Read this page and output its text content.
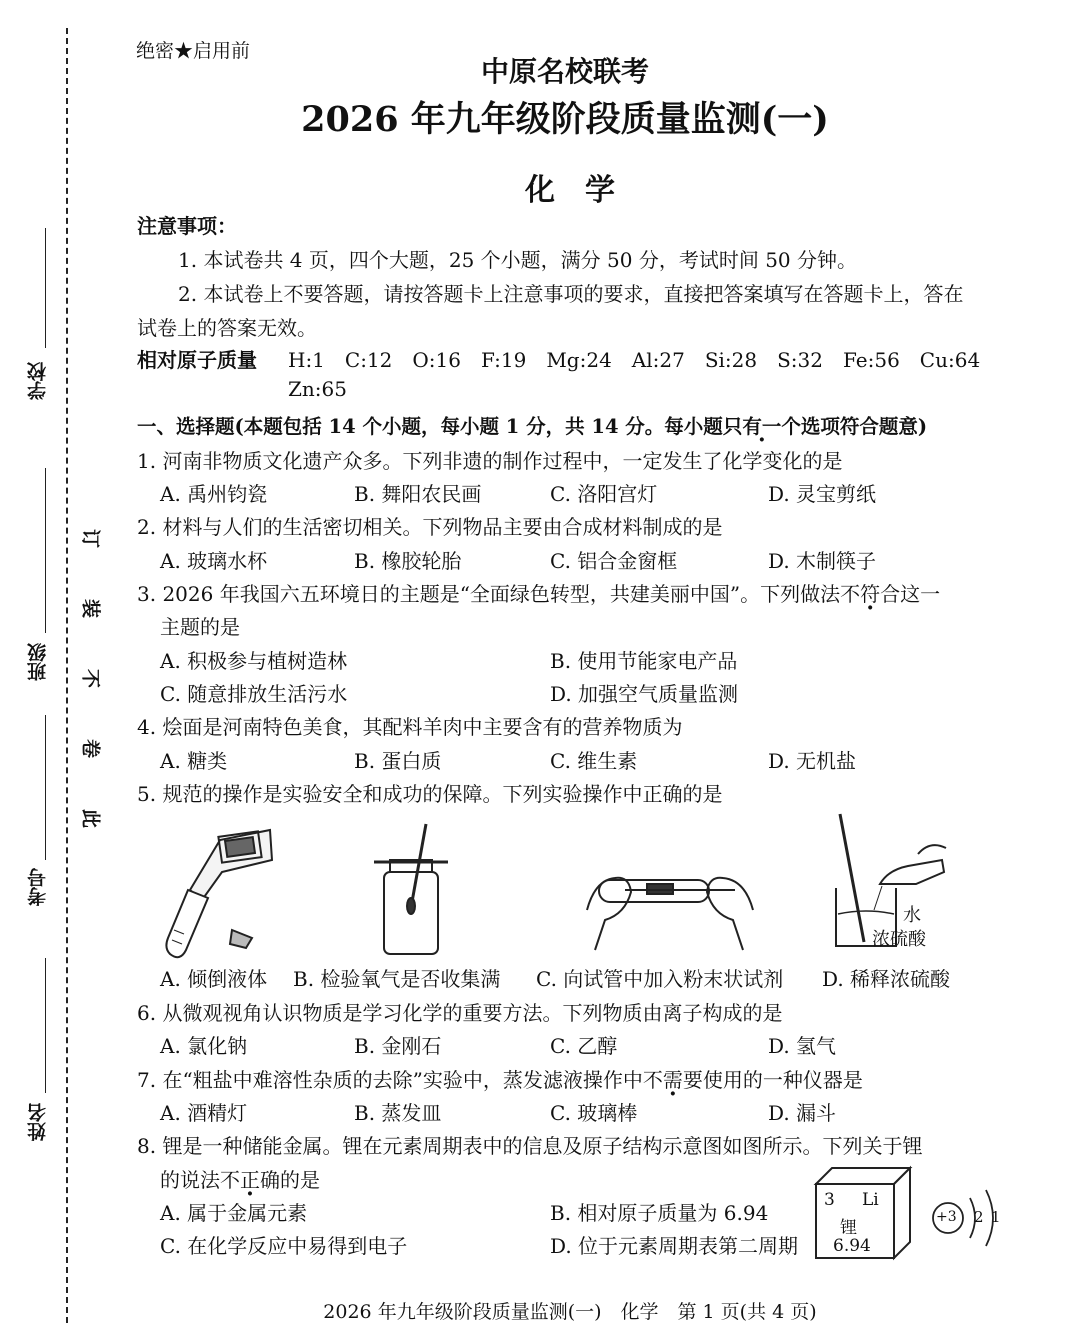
学校
班级
考号
姓名
订
装
不
卷
此
绝密★启用前
中原名校联考
2026 年九年级阶段质量监测(一)
化　学
注意事项：
1. 本试卷共 4 页，四个大题，25 个小题，满分 50 分，考试时间 50 分钟。
2. 本试卷上不要答题，请按答题卡上注意事项的要求，直接把答案填写在答题卡上，答在
试卷上的答案无效。
相对原子质量 H:1　C:12　O:16　F:19　Mg:24　Al:27　Si:28　S:32　Fe:56　Cu:64
Zn:65
一、选择题(本题包括 14 个小题，每小题 1 分，共 14 分。每小题只有一个选项符合题意)
1. 河南非物质文化遗产众多。下列非遗的制作过程中，一定发生了化学变化的是
A. 禹州钧瓷	B. 舞阳农民画	C. 洛阳宫灯	D. 灵宝剪纸
2. 材料与人们的生活密切相关。下列物品主要由合成材料制成的是
A. 玻璃水杯	B. 橡胶轮胎	C. 铝合金窗框	D. 木制筷子
3. 2026 年我国六五环境日的主题是“全面绿色转型，共建美丽中国”。下列做法不符合这一
主题的是
A. 积极参与植树造林	B. 使用节能家电产品
C. 随意排放生活污水	D. 加强空气质量监测
4. 烩面是河南特色美食，其配料羊肉中主要含有的营养物质为
A. 糖类	B. 蛋白质	C. 维生素	D. 无机盐
5. 规范的操作是实验安全和成功的保障。下列实验操作中正确的是
水
浓硫酸
A. 倾倒液体 B. 检验氧气是否收集满 C. 向试管中加入粉末状试剂 D. 稀释浓硫酸
6. 从微观视角认识物质是学习化学的重要方法。下列物质由离子构成的是
A. 氯化钠	B. 金刚石	C. 乙醇	D. 氢气
7. 在“粗盐中难溶性杂质的去除”实验中，蒸发滤液操作中不需要使用的一种仪器是
A. 酒精灯	B. 蒸发皿	C. 玻璃棒	D. 漏斗
8. 锂是一种储能金属。锂在元素周期表中的信息及原子结构示意图如图所示。下列关于锂
的说法不正确的是
A. 属于金属元素	B. 相对原子质量为 6.94
C. 在化学反应中易得到电子	D. 位于元素周期表第二周期
3 Li
锂
6.94
+3 2 1
2026 年九年级阶段质量监测(一)　化学　第 1 页(共 4 页)
